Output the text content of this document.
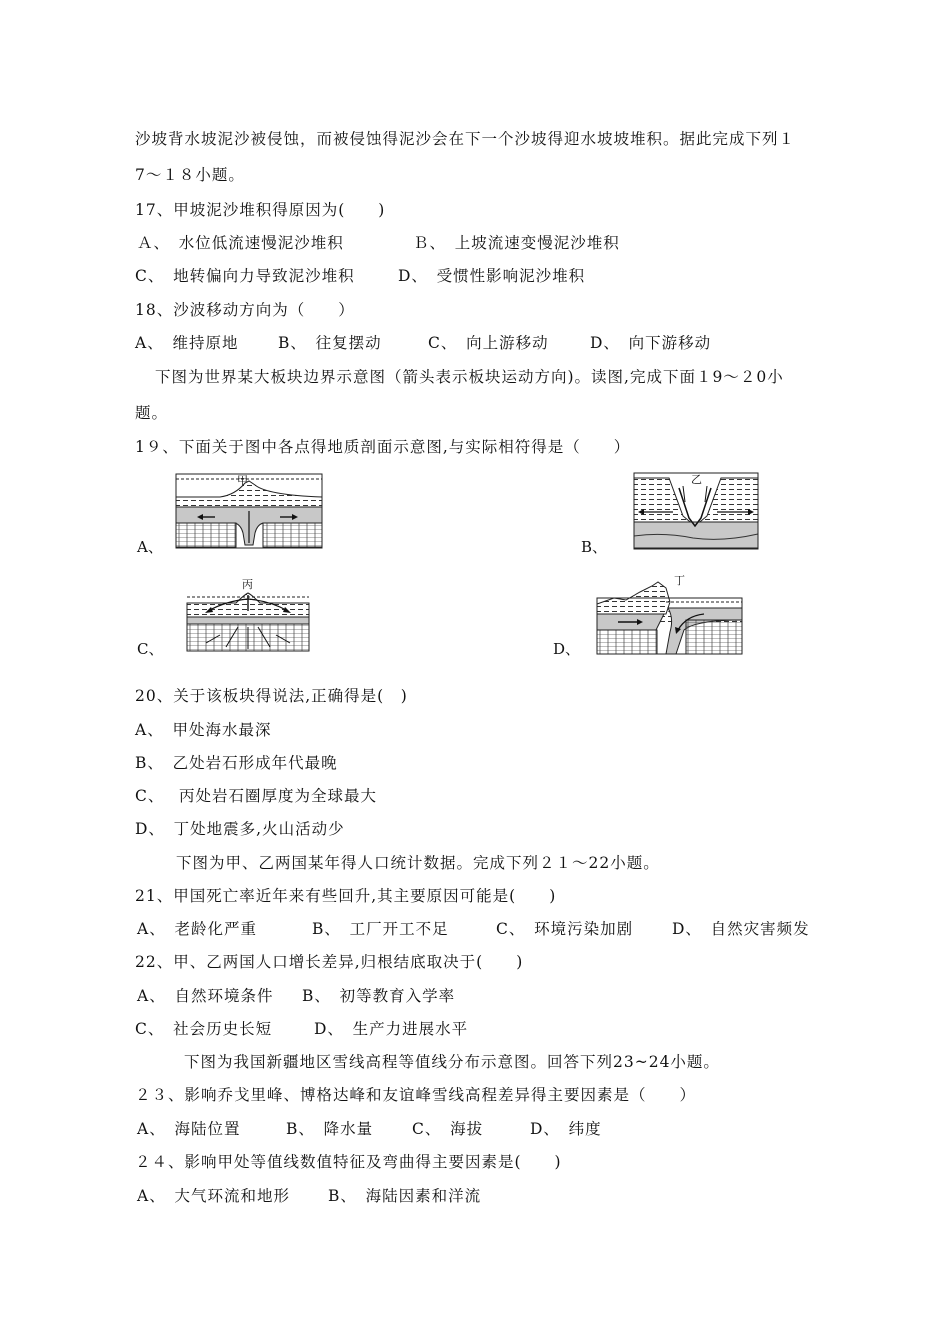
沙坡背水坡泥沙被侵蚀，而被侵蚀得泥沙会在下一个沙坡得迎水坡坡堆积。据此完成下列１
7～１８小题。
17、甲坡泥沙堆积得原因为(　　)
Ａ、　水位低流速慢泥沙堆积	Ｂ、　上坡流速变慢泥沙堆积
C、　地转偏向力导致泥沙堆积	D、　受惯性影响泥沙堆积
18、沙波移动方向为（　　）
A、　维持原地	B、　往复摆动	C、　向上游移动	D、　向下游移动
下图为世界某大板块边界示意图（箭头表示板块运动方向)。读图,完成下面１9～２0小
题。
1９、下面关于图中各点得地质剖面示意图,与实际相符得是（　　）
A、
甲
B、
乙
C、
丙
D、
丁
20、关于该板块得说法,正确得是(　)
A、　甲处海水最深
B、　乙处岩石形成年代最晚
C、　 丙处岩石圈厚度为全球最大
D、　丁处地震多,火山活动少
下图为甲、乙两国某年得人口统计数据。完成下列２１～22小题。
21、甲国死亡率近年来有些回升,其主要原因可能是(　　)
A、　老龄化严重	B、　工厂开工不足	C、　环境污染加剧	D、　自然灾害频发
22、甲、乙两国人口增长差异,归根结底取决于(　　)
A、　自然环境条件 B、　初等教育入学率
C、　社会历史长短	D、　生产力进展水平
下图为我国新疆地区雪线高程等值线分布示意图。回答下列23~24小题。
２３、影响乔戈里峰、博格达峰和友谊峰雪线高程差异得主要因素是（　　）
A、　海陆位置	B、　降水量	C、　海拔	D、　纬度
２４、影响甲处等值线数值特征及弯曲得主要因素是(　　)
A、　大气环流和地形 B、　海陆因素和洋流
